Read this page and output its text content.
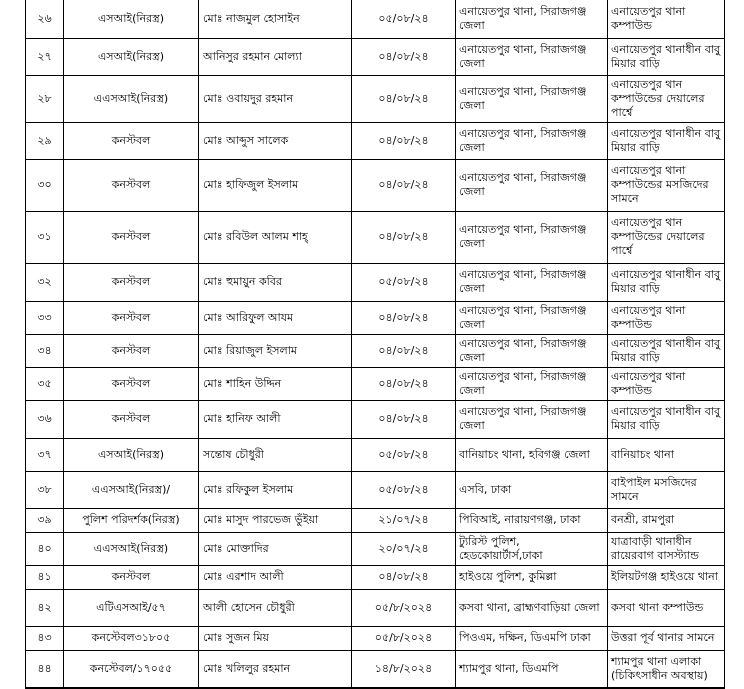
২৬	এসআই(নিরস্ত্র)	মোঃ নাজমুল হোসাইন	০৫/০৮/২৪	এনায়েতপুর থানা, সিরাজগঞ্জ জেলা	এনায়েতপুর থানা কম্পাউন্ড

২৭	এসআই(নিরস্ত্র)	আনিসুর রহমান মোল্যা	০৪/০৮/২৪	এনায়েতপুর থানা, সিরাজগঞ্জ জেলা	এনায়েতপুর থানাধীন বাবু মিয়ার বাড়ি

২৮	এএসআই(নিরস্ত্র)	মোঃ ওবায়দুর রহমান	০৪/০৮/২৪	এনায়েতপুর থানা, সিরাজগঞ্জ জেলা	এনায়েতপুর থান কম্পাউন্ডের দেয়ালের পার্শ্বে

২৯	কনস্টবল	মোঃ আব্দুস সালেক	০৪/০৮/২৪	এনায়েতপুর থানা, সিরাজগঞ্জ জেলা	এনায়েতপুর থানাধীন বাবু মিয়ার বাড়ি

৩০	কনস্টবল	মোঃ হাফিজুল ইসলাম	০৪/০৮/২৪	এনায়েতপুর থানা, সিরাজগঞ্জ জেলা	এনায়েতপুর থানা কম্পাউন্ডের মসজিদের সামনে

৩১	কনস্টবল	মোঃ রবিউল আলম শাহ্	০৪/০৮/২৪	এনায়েতপুর থানা, সিরাজগঞ্জ জেলা	এনায়েতপুর থান কম্পাউন্ডের দেয়ালের পার্শ্বে

৩২	কনস্টবল	মোঃ হুমায়ুন কবির	০৫/০৮/২৪	এনায়েতপুর থানা, সিরাজগঞ্জ জেলা	এনায়েতপুর থানাধীন বাবু মিয়ার বাড়ি

৩৩	কনস্টবল	মোঃ আরিফুল আযম	০৪/০৮/২৪	এনায়েতপুর থানা, সিরাজগঞ্জ জেলা	এনায়েতপুর থানা কম্পাউন্ড

৩৪	কনস্টবল	মোঃ রিয়াজুল ইসলাম	০৪/০৮/২৪	এনায়েতপুর থানা, সিরাজগঞ্জ জেলা	এনায়েতপুর থানাধীন বাবু মিয়ার বাড়ি

৩৫	কনস্টবল	মোঃ শাহিন উদ্দিন	০৪/০৮/২৪	এনায়েতপুর থানা, সিরাজগঞ্জ জেলা	এনায়েতপুর থানা কম্পাউন্ড

৩৬	কনস্টবল	মোঃ হানিফ আলী	০৪/০৮/২৪	এনায়েতপুর থানা, সিরাজগঞ্জ জেলা	এনায়েতপুর থানাধীন বাবু মিয়ার বাড়ি

৩৭	এসআই(নিরস্ত্র)	সন্তোষ চৌধুরী	০৫/০৮/২৪	বানিয়াচং থানা, হবিগঞ্জ জেলা	বানিয়াচং থানা

৩৮	এএসআই(নিরস্ত্র)/	মোঃ রফিকুল ইসলাম	০৫/০৮/২৪	এসবি, ঢাকা	বাইপাইল মসজিদের সামনে

৩৯	পুলিশ পরিদর্শক(নিরস্ত্র)	মোঃ মাসুদ পারভেজ ভুঁইয়া	২১/০৭/২৪	পিবিআই, নারায়ণগঞ্জ, ঢাকা	বনশ্রী, রামপুরা

৪০	এএসআই(নিরস্ত্র)	মোঃ মোক্তাদির	২০/০৭/২৪	ট্যুরিস্ট পুলিশ, হেডকোয়ার্টার্স,ঢাকা	যাত্রাবাড়ী থানাধীন রায়েরবাগ বাসস্ট্যান্ড

৪১	কনস্টবল	মোঃ এরশাদ আলী	০৪/০৮/২৪	হাইওয়ে পুলিশ, কুমিল্লা	ইলিয়টগঞ্জ হাইওয়ে থানা

৪২	এটিএসআই/৫৭	আলী হোসেন চৌধুরী	০৫/৮/২০২৪	কসবা থানা, ব্রাহ্মণবাড়িয়া জেলা	কসবা থানা কম্পাউন্ড

৪৩	কনস্টেবল৩১৮০৫	মোঃ সুজন মিয়	০৫/৮/২০২৪	পিওএম, দক্ষিন, ডিএমপি ঢাকা	উত্তরা পূর্ব থানার সামনে

৪৪	কনস্টেবল/১৭০৫৫	মোঃ খলিলুর রহমান	১৪/৮/২০২৪	শ্যামপুর থানা, ডিএমপি	শ্যামপুর থানা এলাকা (চিকিৎসাধীন অবস্থায়)
